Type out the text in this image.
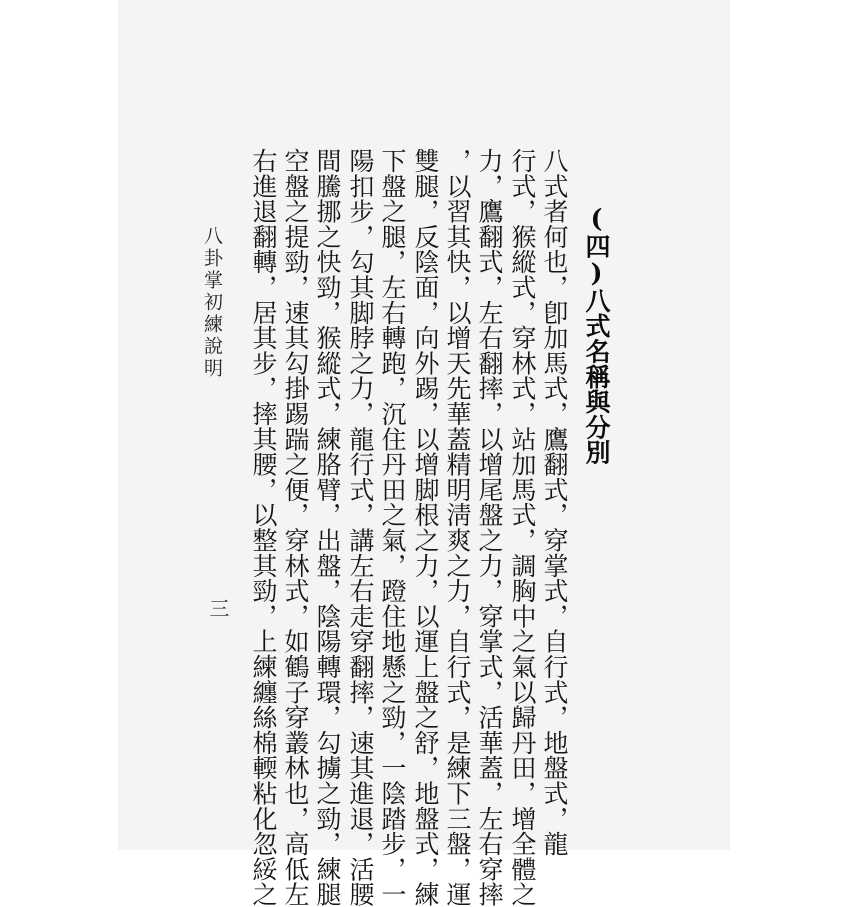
(四)八式名稱與分別
八式者何也，卽加馬式，鷹翻式，穿掌式，自行式，地盤式，龍
行式，猴縱式，穿林式，站加馬式，調胸中之氣以歸丹田，增全體之
力，鷹翻式，左右翻摔，以增尾盤之力，穿掌式，活華蓋，左右穿摔
，以習其快，以增天先華蓋精明淸爽之力，自行式，是練下三盤，運
雙腿，反陰面，向外踢，以增脚根之力，以運上盤之舒，地盤式，練
下盤之腿，左右轉跑，沉住丹田之氣，蹬住地懸之勁，一陰踏步，一
陽扣步，勾其脚脖之力，龍行式，講左右走穿翻摔，速其進退，活腰
間騰挪之快勁，猴縱式，練胳臂，出盤，陰陽轉環，勾擄之勁，練腿
空盤之提勁，速其勾掛踢踹之便，穿林式，如鶴子穿叢林也，高低左
右進退翻轉，居其步，摔其腰，以整其勁，上練纏絲棉輭粘化忽綏之
八卦掌初練說明
三
